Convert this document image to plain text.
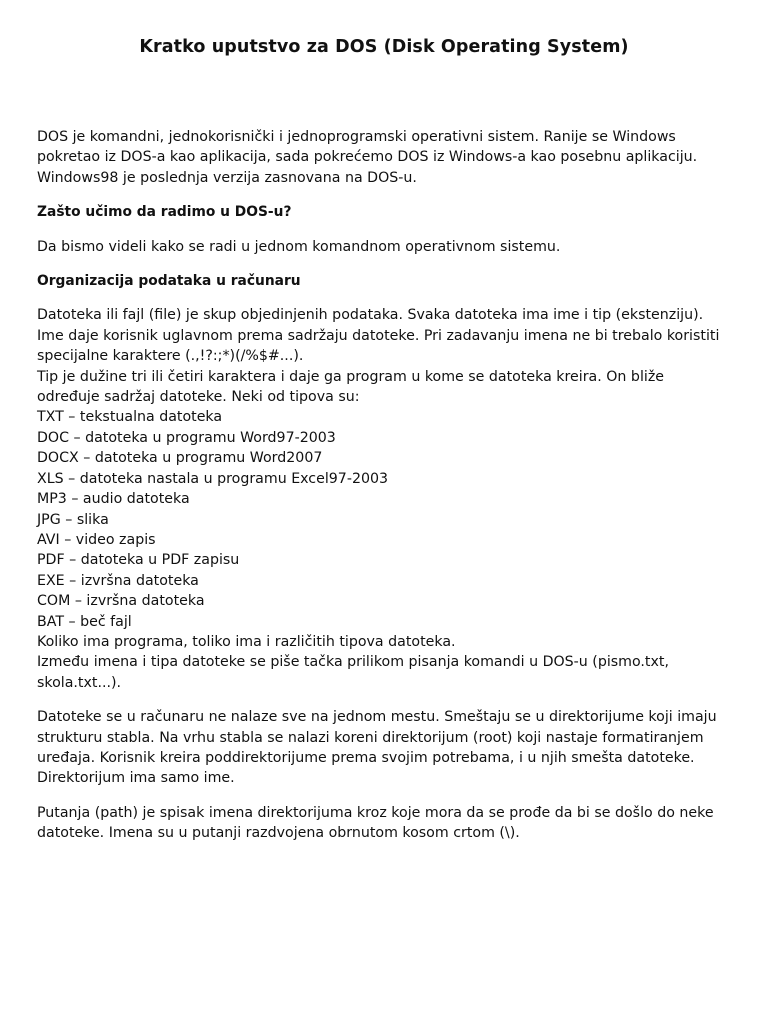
Kratko uputstvo za DOS (Disk Operating System)

DOS je komandni, jednokorisnički i jednoprogramski operativni sistem. Ranije se Windows
pokretao iz DOS-a kao aplikacija, sada pokrećemo DOS iz Windows-a kao posebnu aplikaciju.
Windows98 je poslednja verzija zasnovana na DOS-u.

Zašto učimo da radimo u DOS-u?

Da bismo videli kako se radi u jednom komandnom operativnom sistemu.

Organizacija podataka u računaru

Datoteka ili fajl (file) je skup objedinjenih podataka. Svaka datoteka ima ime i tip (ekstenziju).
Ime daje korisnik uglavnom prema sadržaju datoteke. Pri zadavanju imena ne bi trebalo koristiti
specijalne karaktere (.,!?:;*)(/%$#...).
Tip je dužine tri ili četiri karaktera i daje ga program u kome se datoteka kreira. On bliže
određuje sadržaj datoteke. Neki od tipova su:
TXT – tekstualna datoteka
DOC – datoteka u programu Word97-2003
DOCX – datoteka u programu Word2007
XLS – datoteka nastala u programu Excel97-2003
MP3 – audio datoteka
JPG – slika
AVI – video zapis
PDF – datoteka u PDF zapisu
EXE – izvršna datoteka
COM – izvršna datoteka
BAT – beč fajl
Koliko ima programa, toliko ima i različitih tipova datoteka.
Između imena i tipa datoteke se piše tačka prilikom pisanja komandi u DOS-u (pismo.txt,
skola.txt...).

Datoteke se u računaru ne nalaze sve na jednom mestu. Smeštaju se u direktorijume koji imaju
strukturu stabla. Na vrhu stabla se nalazi koreni direktorijum (root) koji nastaje formatiranjem
uređaja. Korisnik kreira poddirektorijume prema svojim potrebama, i u njih smešta datoteke.
Direktorijum ima samo ime.

Putanja (path) je spisak imena direktorijuma kroz koje mora da se prođe da bi se došlo do neke
datoteke. Imena su u putanji razdvojena obrnutom kosom crtom (\).
